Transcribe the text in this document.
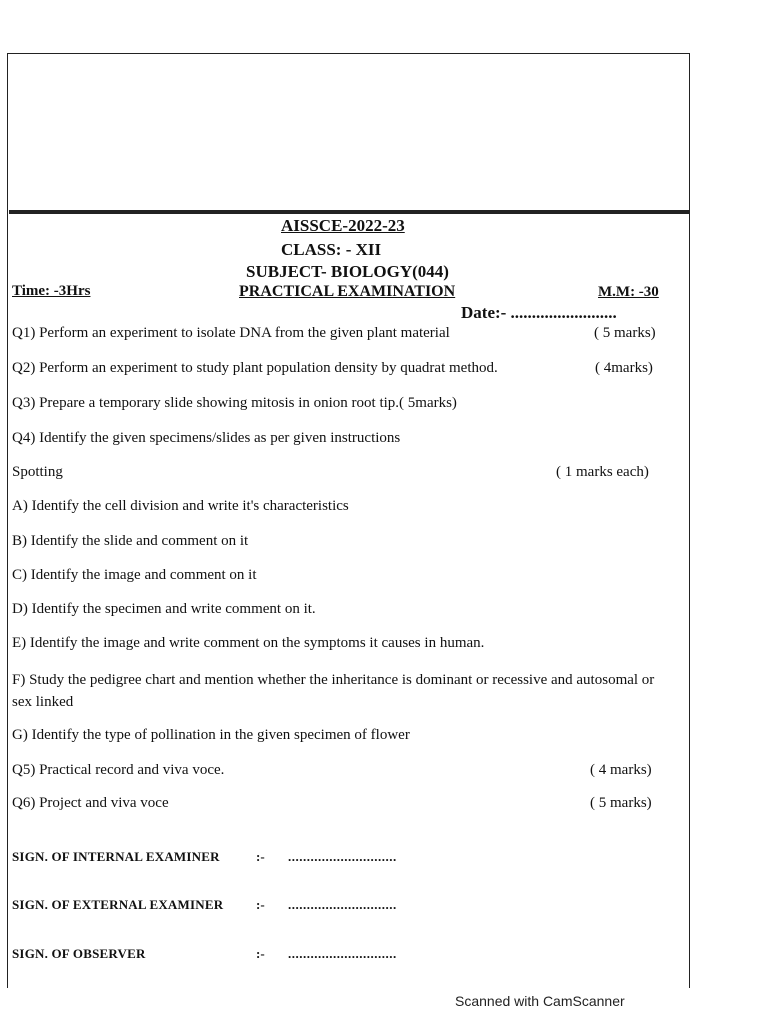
AISSCE-2022-23
CLASS: - XII
SUBJECT- BIOLOGY(044)
Time: -3Hrs	PRACTICAL EXAMINATION	M.M: -30
Date:- .........................
Q1) Perform an experiment to isolate DNA from the given plant material	( 5 marks)
Q2) Perform an experiment to study plant population density by quadrat method.	( 4marks)
Q3) Prepare a temporary slide showing mitosis in onion root tip.( 5marks)
Q4) Identify the given specimens/slides as per given instructions
Spotting	( 1 marks each)
A) Identify the cell division and write it's characteristics
B) Identify the slide and comment on it
C) Identify the image and comment on it
D) Identify the specimen and write comment on it.
E) Identify the image and write comment on the symptoms it causes in human.
F) Study the pedigree chart and mention whether the inheritance is dominant or recessive and autosomal or sex linked
G) Identify the type of pollination in the given specimen of flower
Q5) Practical record and viva voce.	( 4 marks)
Q6) Project and viva voce	( 5 marks)
SIGN. OF INTERNAL EXAMINER	:- .............................
SIGN. OF EXTERNAL EXAMINER	:- .............................
SIGN. OF OBSERVER	:- .............................
Scanned with CamScanner
